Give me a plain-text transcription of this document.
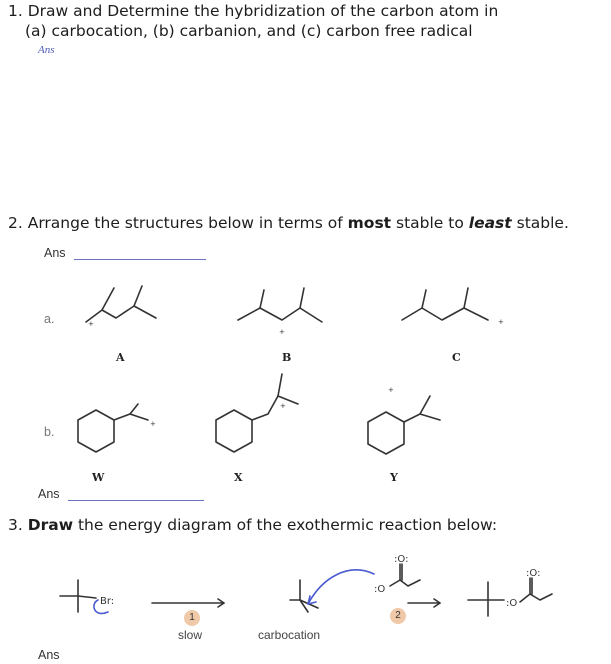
1. Draw and Determine the hybridization of the carbon atom in
(a) carbocation, (b) carbanion, and (c) carbon free radical
Ans
2. Arrange the structures below in terms of most stable to least stable.
Ans
a.	+
+
+
A	B	C
b.
+
+
+
W	X	Y
Ans
3. Draw the energy diagram of the exothermic reaction below:
Br:
1
slow
:O
:O:
carbocation
2
:O
:O:
Ans
